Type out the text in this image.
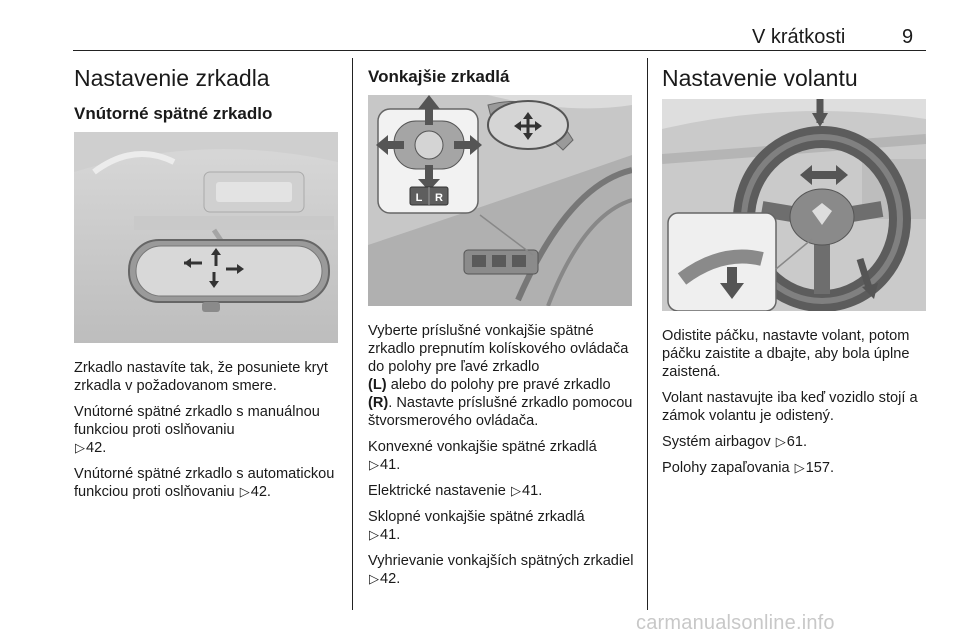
V krátkosti	9
Nastavenie zrkadla
Vnútorné spätné zrkadlo

Zrkadlo nastavíte tak, že posuniete kryt zrkadla v požadovanom smere.

Vnútorné spätné zrkadlo s manuálnou funkciou proti oslňovaniu
▷42.

Vnútorné spätné zrkadlo s automatickou funkciou proti oslňovaniu ▷42.

Vonkajšie zrkadlá
L R

Vyberte príslušné vonkajšie spätné zrkadlo prepnutím kolískového ovládača do polohy pre ľavé zrkadlo
(L) alebo do polohy pre pravé zrkadlo
(R). Nastavte príslušné zrkadlo pomocou štvorsmerového ovládača.

Konvexné vonkajšie spätné zrkadlá
▷41.

Elektrické nastavenie ▷41.

Sklopné vonkajšie spätné zrkadlá
▷41.

Vyhrievanie vonkajších spätných zrkadiel ▷42.

Nastavenie volantu

Odistite páčku, nastavte volant, potom páčku zaistite a dbajte, aby bola úplne zaistená.

Volant nastavujte iba keď vozidlo stojí a zámok volantu je odistený.

Systém airbagov ▷61.

Polohy zapaľovania ▷157.

carmanualsonline.info
